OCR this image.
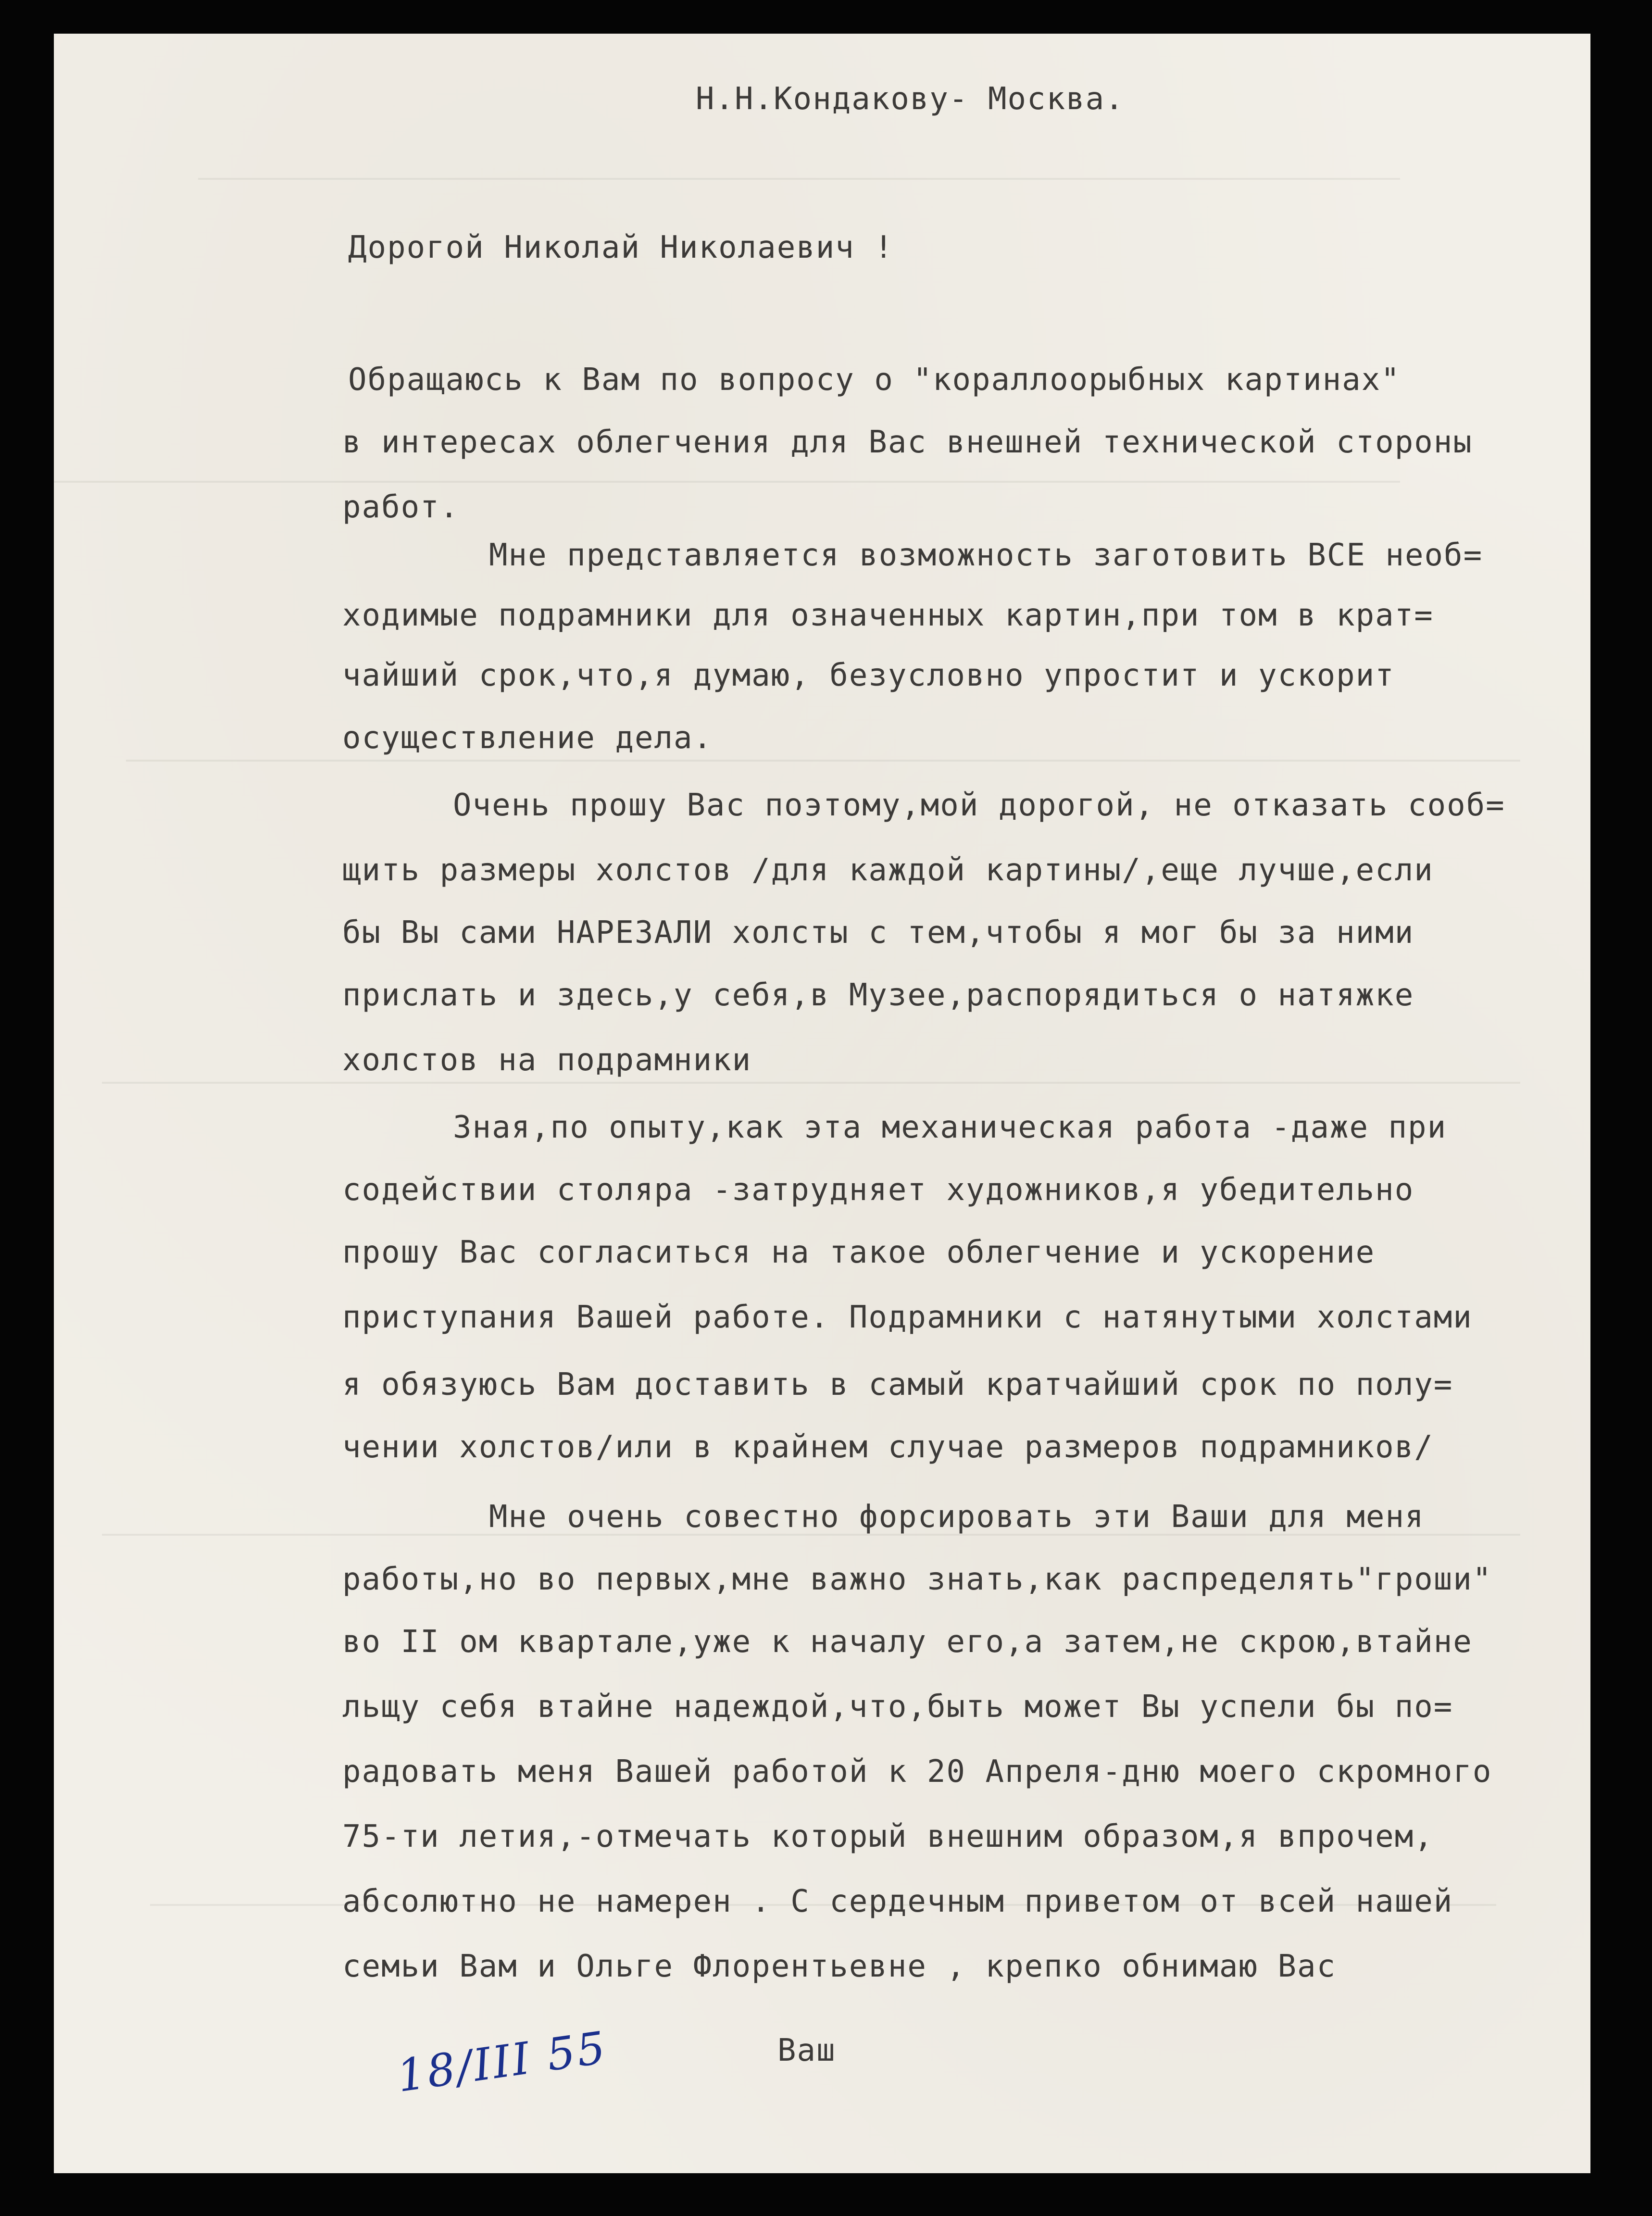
Н.Н.Кондакову- Москва.
Дорогой Николай Николаевич !
Обращаюсь к Вам по вопросу о "кораллоорыбных картинах"
в интересах облегчения для Вас внешней технической стороны
работ.
Мне представляется возможность заготовить ВСЕ необ=
ходимые подрамники для означенных картин,при том в крат=
чайший срок,что,я думаю, безусловно упростит и ускорит
осуществление дела.
Очень прошу Вас поэтому,мой дорогой, не отказать сооб=
щить размеры холстов /для каждой картины/,еще лучше,если
бы Вы сами НАРЕЗАЛИ холсты с тем,чтобы я мог бы за ними
прислать и здесь,у себя,в Музее,распорядиться о натяжке
холстов на подрамники
Зная,по опыту,как эта механическая работа -даже при
содействии столяра -затрудняет художников,я убедительно
прошу Вас согласиться на такое облегчение и ускорение
приступания Вашей работе. Подрамники с натянутыми холстами
я обязуюсь Вам доставить в самый кратчайший срок по полу=
чении холстов/или в крайнем случае размеров подрамников/
Мне очень совестно форсировать эти Ваши для меня
работы,но во первых,мне важно знать,как распределять"гроши"
во II ом квартале,уже к началу его,а затем,не скрою,втайне
льщу себя втайне надеждой,что,быть может Вы успели бы по=
радовать меня Вашей работой к 20 Апреля-дню моего скромного
75-ти летия,-отмечать который внешним образом,я впрочем,
абсолютно не намерен . С сердечным приветом от всей нашей
семьи Вам и Ольге Флорентьевне , крепко обнимаю Вас
Ваш
18/III 55
